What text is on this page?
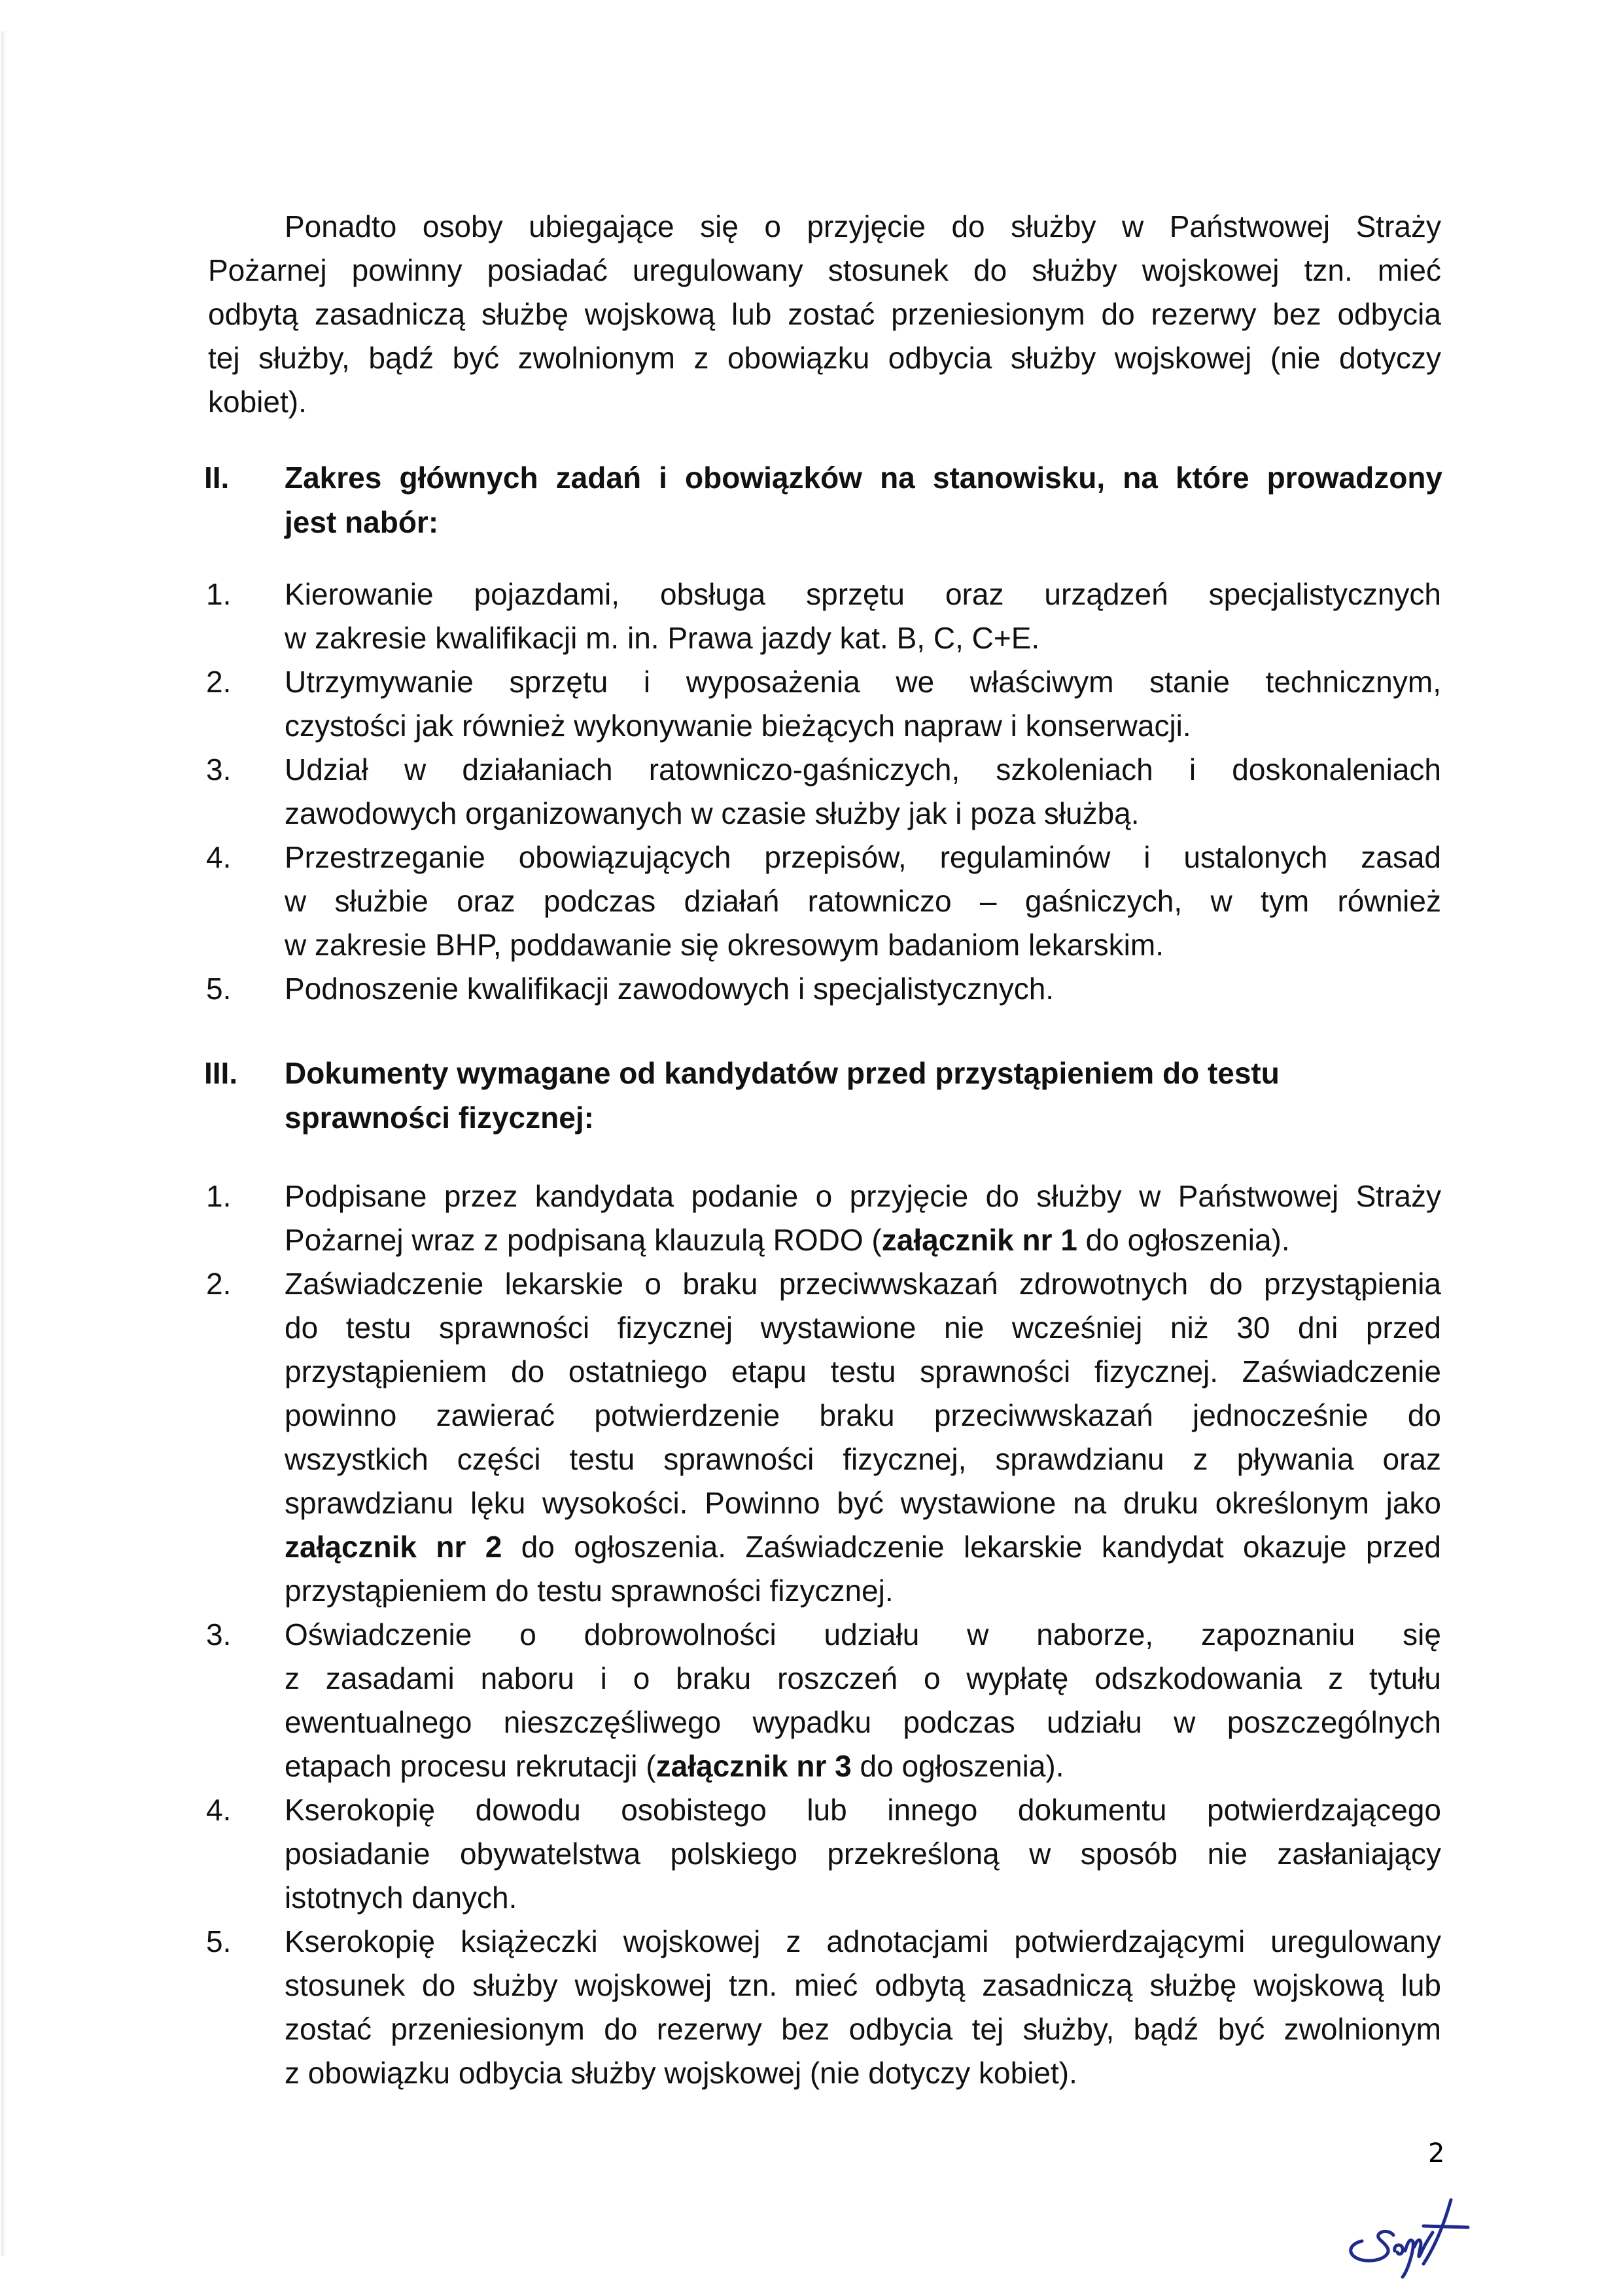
Ponadto osoby ubiegające się o przyjęcie do służby w Państwowej Straży
Pożarnej powinny posiadać uregulowany stosunek do służby wojskowej tzn. mieć
odbytą zasadniczą służbę wojskową lub zostać przeniesionym do rezerwy bez odbycia
tej służby, bądź być zwolnionym z obowiązku odbycia służby wojskowej (nie dotyczy
kobiet).
II. Zakres głównych zadań i obowiązków na stanowisku, na które prowadzony
jest nabór:
1. Kierowanie pojazdami, obsługa sprzętu oraz urządzeń specjalistycznych
w zakresie kwalifikacji m. in. Prawa jazdy kat. B, C, C+E.
2. Utrzymywanie sprzętu i wyposażenia we właściwym stanie technicznym,
czystości jak również wykonywanie bieżących napraw i konserwacji.
3. Udział w działaniach ratowniczo-gaśniczych, szkoleniach i doskonaleniach
zawodowych organizowanych w czasie służby jak i poza służbą.
4. Przestrzeganie obowiązujących przepisów, regulaminów i ustalonych zasad
w służbie oraz podczas działań ratowniczo – gaśniczych, w tym również
w zakresie BHP, poddawanie się okresowym badaniom lekarskim.
5. Podnoszenie kwalifikacji zawodowych i specjalistycznych.
III. Dokumenty wymagane od kandydatów przed przystąpieniem do testu
sprawności fizycznej:
1. Podpisane przez kandydata podanie o przyjęcie do służby w Państwowej Straży
Pożarnej wraz z podpisaną klauzulą RODO (załącznik nr 1 do ogłoszenia).
2. Zaświadczenie lekarskie o braku przeciwwskazań zdrowotnych do przystąpienia
do testu sprawności fizycznej wystawione nie wcześniej niż 30 dni przed
przystąpieniem do ostatniego etapu testu sprawności fizycznej. Zaświadczenie
powinno zawierać potwierdzenie braku przeciwwskazań jednocześnie do
wszystkich części testu sprawności fizycznej, sprawdzianu z pływania oraz
sprawdzianu lęku wysokości. Powinno być wystawione na druku określonym jako
załącznik nr 2 do ogłoszenia. Zaświadczenie lekarskie kandydat okazuje przed
przystąpieniem do testu sprawności fizycznej.
3. Oświadczenie o dobrowolności udziału w naborze, zapoznaniu się
z zasadami naboru i o braku roszczeń o wypłatę odszkodowania z tytułu
ewentualnego nieszczęśliwego wypadku podczas udziału w poszczególnych
etapach procesu rekrutacji (załącznik nr 3 do ogłoszenia).
4. Kserokopię dowodu osobistego lub innego dokumentu potwierdzającego
posiadanie obywatelstwa polskiego przekreśloną w sposób nie zasłaniający
istotnych danych.
5. Kserokopię książeczki wojskowej z adnotacjami potwierdzającymi uregulowany
stosunek do służby wojskowej tzn. mieć odbytą zasadniczą służbę wojskową lub
zostać przeniesionym do rezerwy bez odbycia tej służby, bądź być zwolnionym
z obowiązku odbycia służby wojskowej (nie dotyczy kobiet).
2
